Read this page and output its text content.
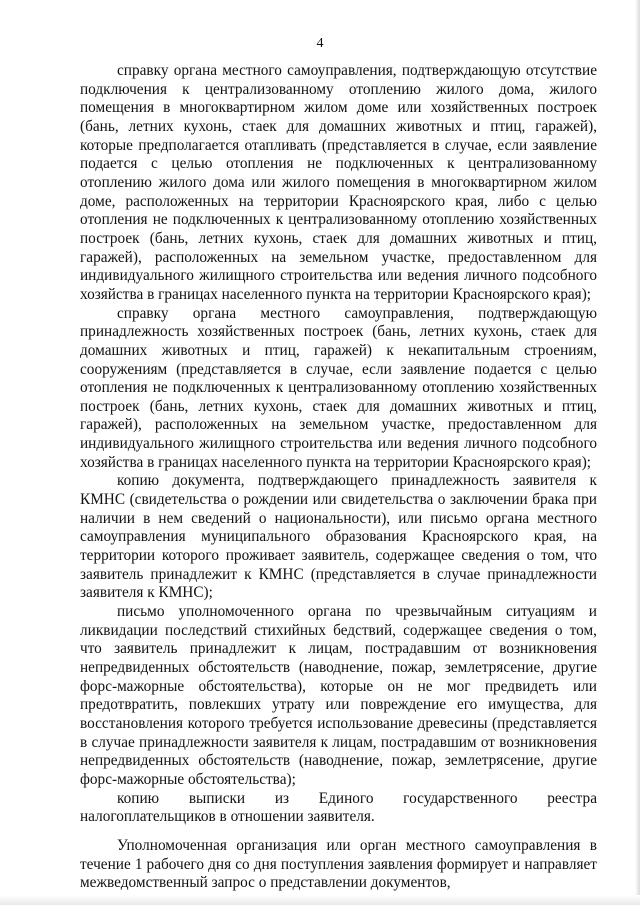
4

справку органа местного самоуправления, подтверждающую отсутствие подключения к централизованному отоплению жилого дома, жилого помещения в многоквартирном жилом доме или хозяйственных построек (бань, летних кухонь, стаек для домашних животных и птиц, гаражей), которые предполагается отапливать (представляется в случае, если заявление подается с целью отопления не подключенных к централизованному отоплению жилого дома или жилого помещения в многоквартирном жилом доме, расположенных на территории Красноярского края, либо с целью отопления не подключенных к централизованному отоплению хозяйственных построек (бань, летних кухонь, стаек для домашних животных и птиц, гаражей), расположенных на земельном участке, предоставленном для индивидуального жилищного строительства или ведения личного подсобного хозяйства в границах населенного пункта на территории Красноярского края);

справку органа местного самоуправления, подтверждающую принадлежность хозяйственных построек (бань, летних кухонь, стаек для домашних животных и птиц, гаражей) к некапитальным строениям, сооружениям (представляется в случае, если заявление подается с целью отопления не подключенных к централизованному отоплению хозяйственных построек (бань, летних кухонь, стаек для домашних животных и птиц, гаражей), расположенных на земельном участке, предоставленном для индивидуального жилищного строительства или ведения личного подсобного хозяйства в границах населенного пункта на территории Красноярского края);

копию документа, подтверждающего принадлежность заявителя к КМНС (свидетельства о рождении или свидетельства о заключении брака при наличии в нем сведений о национальности), или письмо органа местного самоуправления муниципального образования Красноярского края, на территории которого проживает заявитель, содержащее сведения о том, что заявитель принадлежит к КМНС (представляется в случае принадлежности заявителя к КМНС);

письмо уполномоченного органа по чрезвычайным ситуациям и ликвидации последствий стихийных бедствий, содержащее сведения о том, что заявитель принадлежит к лицам, пострадавшим от возникновения непредвиденных обстоятельств (наводнение, пожар, землетрясение, другие форс-мажорные обстоятельства), которые он не мог предвидеть или предотвратить, повлекших утрату или повреждение его имущества, для восстановления которого требуется использование древесины (представляется в случае принадлежности заявителя к лицам, пострадавшим от возникновения непредвиденных обстоятельств (наводнение, пожар, землетрясение, другие форс-мажорные обстоятельства);

копию выписки из Единого государственного реестра налогоплательщиков в отношении заявителя.

Уполномоченная организация или орган местного самоуправления в течение 1 рабочего дня со дня поступления заявления формирует и направляет межведомственный запрос о представлении документов,
